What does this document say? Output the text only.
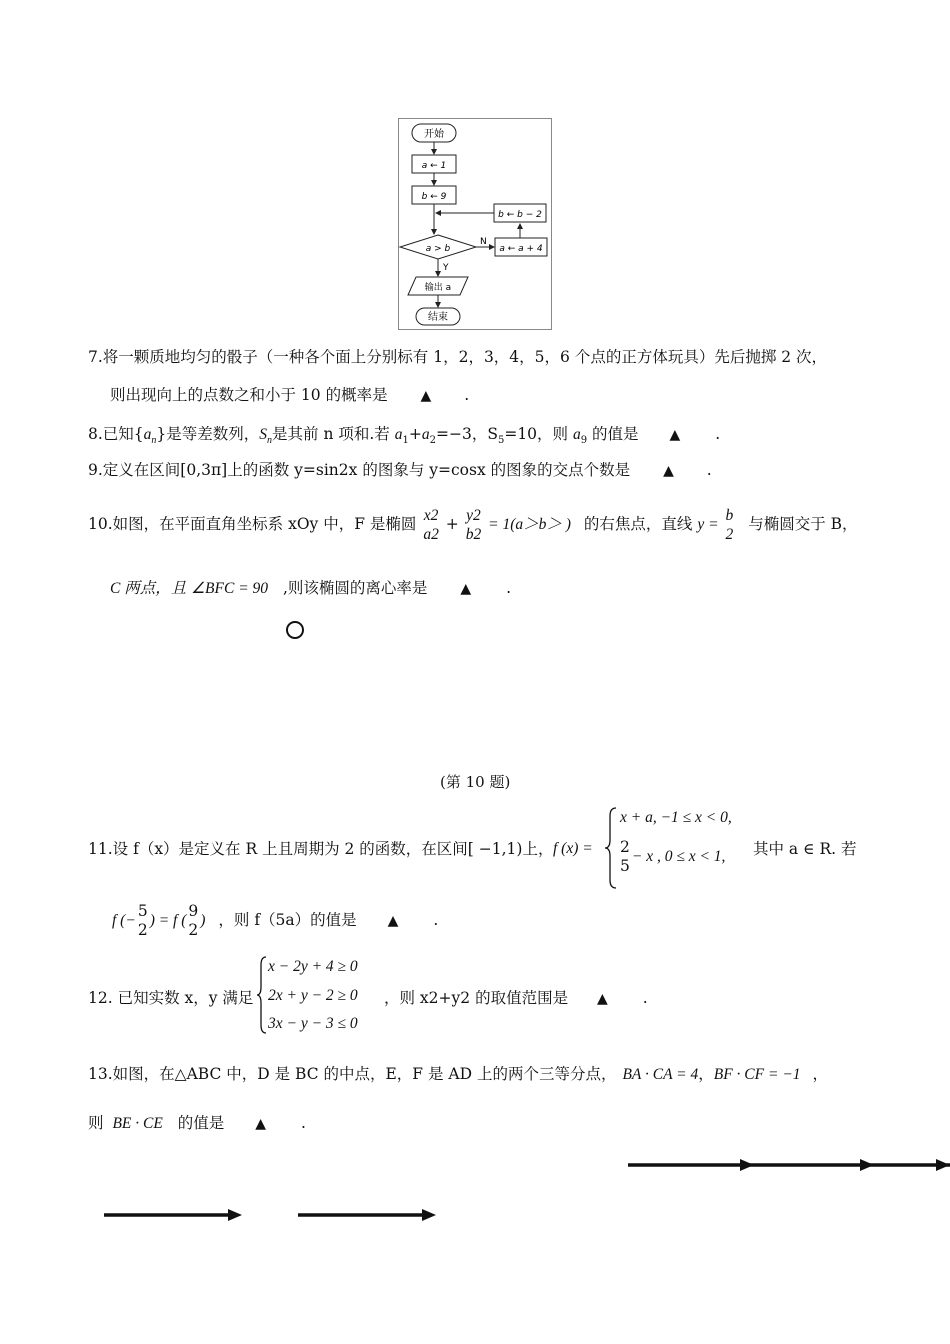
开始
a ← 1
b ← 9
b ← b − 2
a > b
N
a ← a + 4
Y
输出 a
结束
7.将一颗质地均匀的骰子（一种各个面上分别标有 1，2，3，4，5，6 个点的正方体玩具）先后抛掷 2 次，
则出现向上的点数之和小于 10 的概率是 ▲ .
8.已知$\{a_n\}$是等差数列，$S_n$是其前 n 项和.若 $a_1+a_2=-3$，$S_5=10$，则 $a_9$ 的值是 ▲ .
9.定义在区间[0,3π]上的函数 y=sin2x 的图象与 y=cosx 的图象的交点个数是 ▲ .
10.如图，在平面直角坐标系 xOy 中，F 是椭圆 x2
a2
+ y2
b2
= 1(a＞b＞ ) 的右焦点，直线 y =
b
2
与椭圆交于 B，
C 两点，且 ∠BFC = 90 ,则该椭圆的离心率是 ▲ .
(第 10 题)
11.设 f（x）是定义在 R 上且周期为 2 的函数，在区间[ −1,1)上， f (x) =
x + a, −1 ≤ x < 0,
2
5
− x , 0 ≤ x < 1, 其中 a ∈ R. 若
f (−
5
2
) = f (
9
2
) ，则 f（5a）的值是 ▲ .
12. 已知实数 x，y 满足
x − 2y + 4 ≥ 0
2x + y − 2 ≥ 0
3x − y − 3 ≤ 0
，则 x2+y2 的取值范围是 ▲ .
13.如图，在△ABC 中，D 是 BC 的中点，E，F 是 AD 上的两个三等分点， BA · CA = 4，BF · CF = −1 ，
则 BE · CE 的值是 ▲ .
